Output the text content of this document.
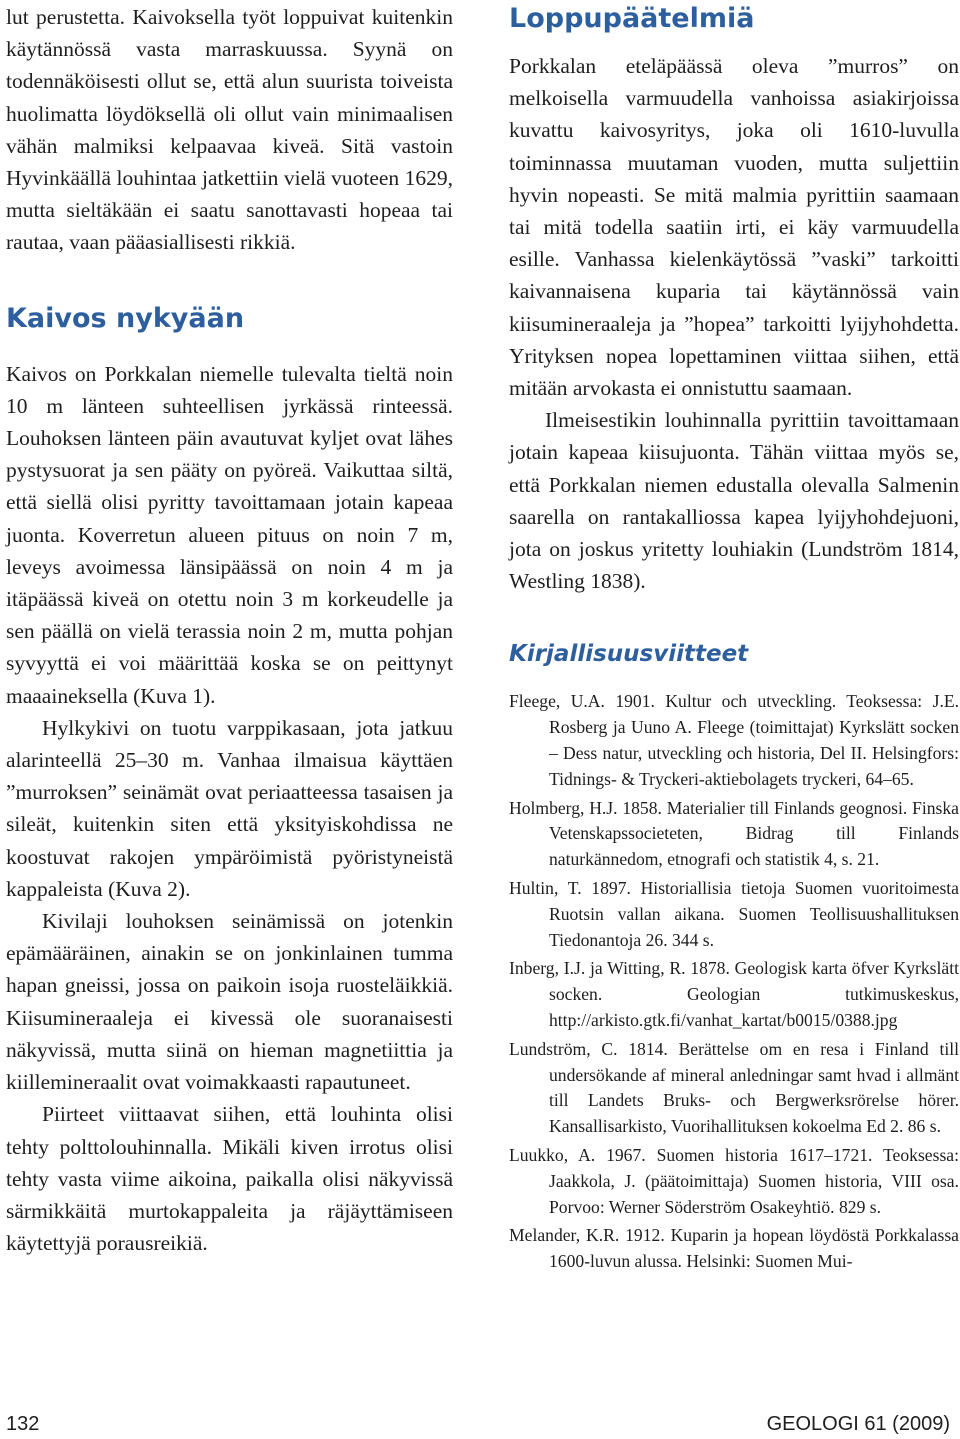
lut perustetta. Kaivoksella työt loppuivat kuitenkin käytännössä vasta marraskuussa. Syynä on todennäköisesti ollut se, että alun suurista toiveista huolimatta löydöksellä oli ollut vain minimaalisen vähän malmiksi kelpaavaa kiveä. Sitä vastoin Hyvinkäällä louhintaa jatkettiin vielä vuoteen 1629, mutta sieltäkään ei saatu sanottavasti hopeaa tai rautaa, vaan pääasiallisesti rikkiä.

Kaivos nykyään

Kaivos on Porkkalan niemelle tulevalta tieltä noin 10 m länteen suhteellisen jyrkässä rinteessä. Louhoksen länteen päin avautuvat kyljet ovat lähes pystysuorat ja sen pääty on pyöreä. Vaikuttaa siltä, että siellä olisi pyritty tavoittamaan jotain kapeaa juonta. Koverretun alueen pituus on noin 7 m, leveys avoimessa länsipäässä on noin 4 m ja itäpäässä kiveä on otettu noin 3 m korkeudelle ja sen päällä on vielä terassia noin 2 m, mutta pohjan syvyyttä ei voi määrittää koska se on peittynyt maaaineksella (Kuva 1).

Hylkykivi on tuotu varppikasaan, jota jatkuu alarinteellä 25–30 m. Vanhaa ilmaisua käyttäen ”murroksen” seinämät ovat periaatteessa tasaisen ja sileät, kuitenkin siten että yksityiskohdissa ne koostuvat rakojen ympäröimistä pyöristyneistä kappaleista (Kuva 2).

Kivilaji louhoksen seinämissä on jotenkin epämääräinen, ainakin se on jonkinlainen tumma hapan gneissi, jossa on paikoin isoja ruosteläikkiä. Kiisumineraaleja ei kivessä ole suoranaisesti näkyvissä, mutta siinä on hieman magnetiittia ja kiillemineraalit ovat voimakkaasti rapautuneet.

Piirteet viittaavat siihen, että louhinta olisi tehty polttolouhinnalla. Mikäli kiven irrotus olisi tehty vasta viime aikoina, paikalla olisi näkyvissä särmikkäitä murtokappaleita ja räjäyttämiseen käytettyjä porausreikiä.

Loppupäätelmiä

Porkkalan eteläpäässä oleva ”murros” on melkoisella varmuudella vanhoissa asiakirjoissa kuvattu kaivosyritys, joka oli 1610-luvulla toiminnassa muutaman vuoden, mutta suljettiin hyvin nopeasti. Se mitä malmia pyrittiin saamaan tai mitä todella saatiin irti, ei käy varmuudella esille. Vanhassa kielenkäytössä ”vaski” tarkoitti kaivannaisena kuparia tai käytännössä vain kiisumineraaleja ja ”hopea” tarkoitti lyijyhohdetta. Yrityksen nopea lopettaminen viittaa siihen, että mitään arvokasta ei onnistuttu saamaan.

Ilmeisestikin louhinnalla pyrittiin tavoittamaan jotain kapeaa kiisujuonta. Tähän viittaa myös se, että Porkkalan niemen edustalla olevalla Salmenin saarella on rantakalliossa kapea lyijyhohdejuoni, jota on joskus yritetty louhiakin (Lundström 1814, Westling 1838).

Kirjallisuusviitteet
Fleege, U.A. 1901. Kultur och utveckling. Teoksessa: J.E. Rosberg ja Uuno A. Fleege (toimittajat) Kyrkslätt socken – Dess natur, utveckling och historia, Del II. Helsingfors: Tidnings- & Tryckeri-aktiebolagets tryckeri, 64–65.
Holmberg, H.J. 1858. Materialier till Finlands geognosi. Finska Vetenskapssocieteten, Bidrag till Finlands naturkännedom, etnografi och statistik 4, s. 21.
Hultin, T. 1897. Historiallisia tietoja Suomen vuoritoimesta Ruotsin vallan aikana. Suomen Teollisuushallituksen Tiedonantoja 26. 344 s.
Inberg, I.J. ja Witting, R. 1878. Geologisk karta öfver Kyrkslätt socken. Geologian tutkimuskeskus, http://arkisto.gtk.fi/vanhat_kartat/b0015/0388.jpg
Lundström, C. 1814. Berättelse om en resa i Finland till undersökande af mineral anledningar samt hvad i allmänt till Landets Bruks- och Bergwerksrörelse hörer. Kansallisarkisto, Vuorihallituksen kokoelma Ed 2. 86 s.
Luukko, A. 1967. Suomen historia 1617–1721. Teoksessa: Jaakkola, J. (päätoimittaja) Suomen historia, VIII osa. Porvoo: Werner Söderström Osakeyhtiö. 829 s.
Melander, K.R. 1912. Kuparin ja hopean löydöstä Porkkalassa 1600-luvun alussa. Helsinki: Suomen Mui-
132	GEOLOGI 61 (2009)
